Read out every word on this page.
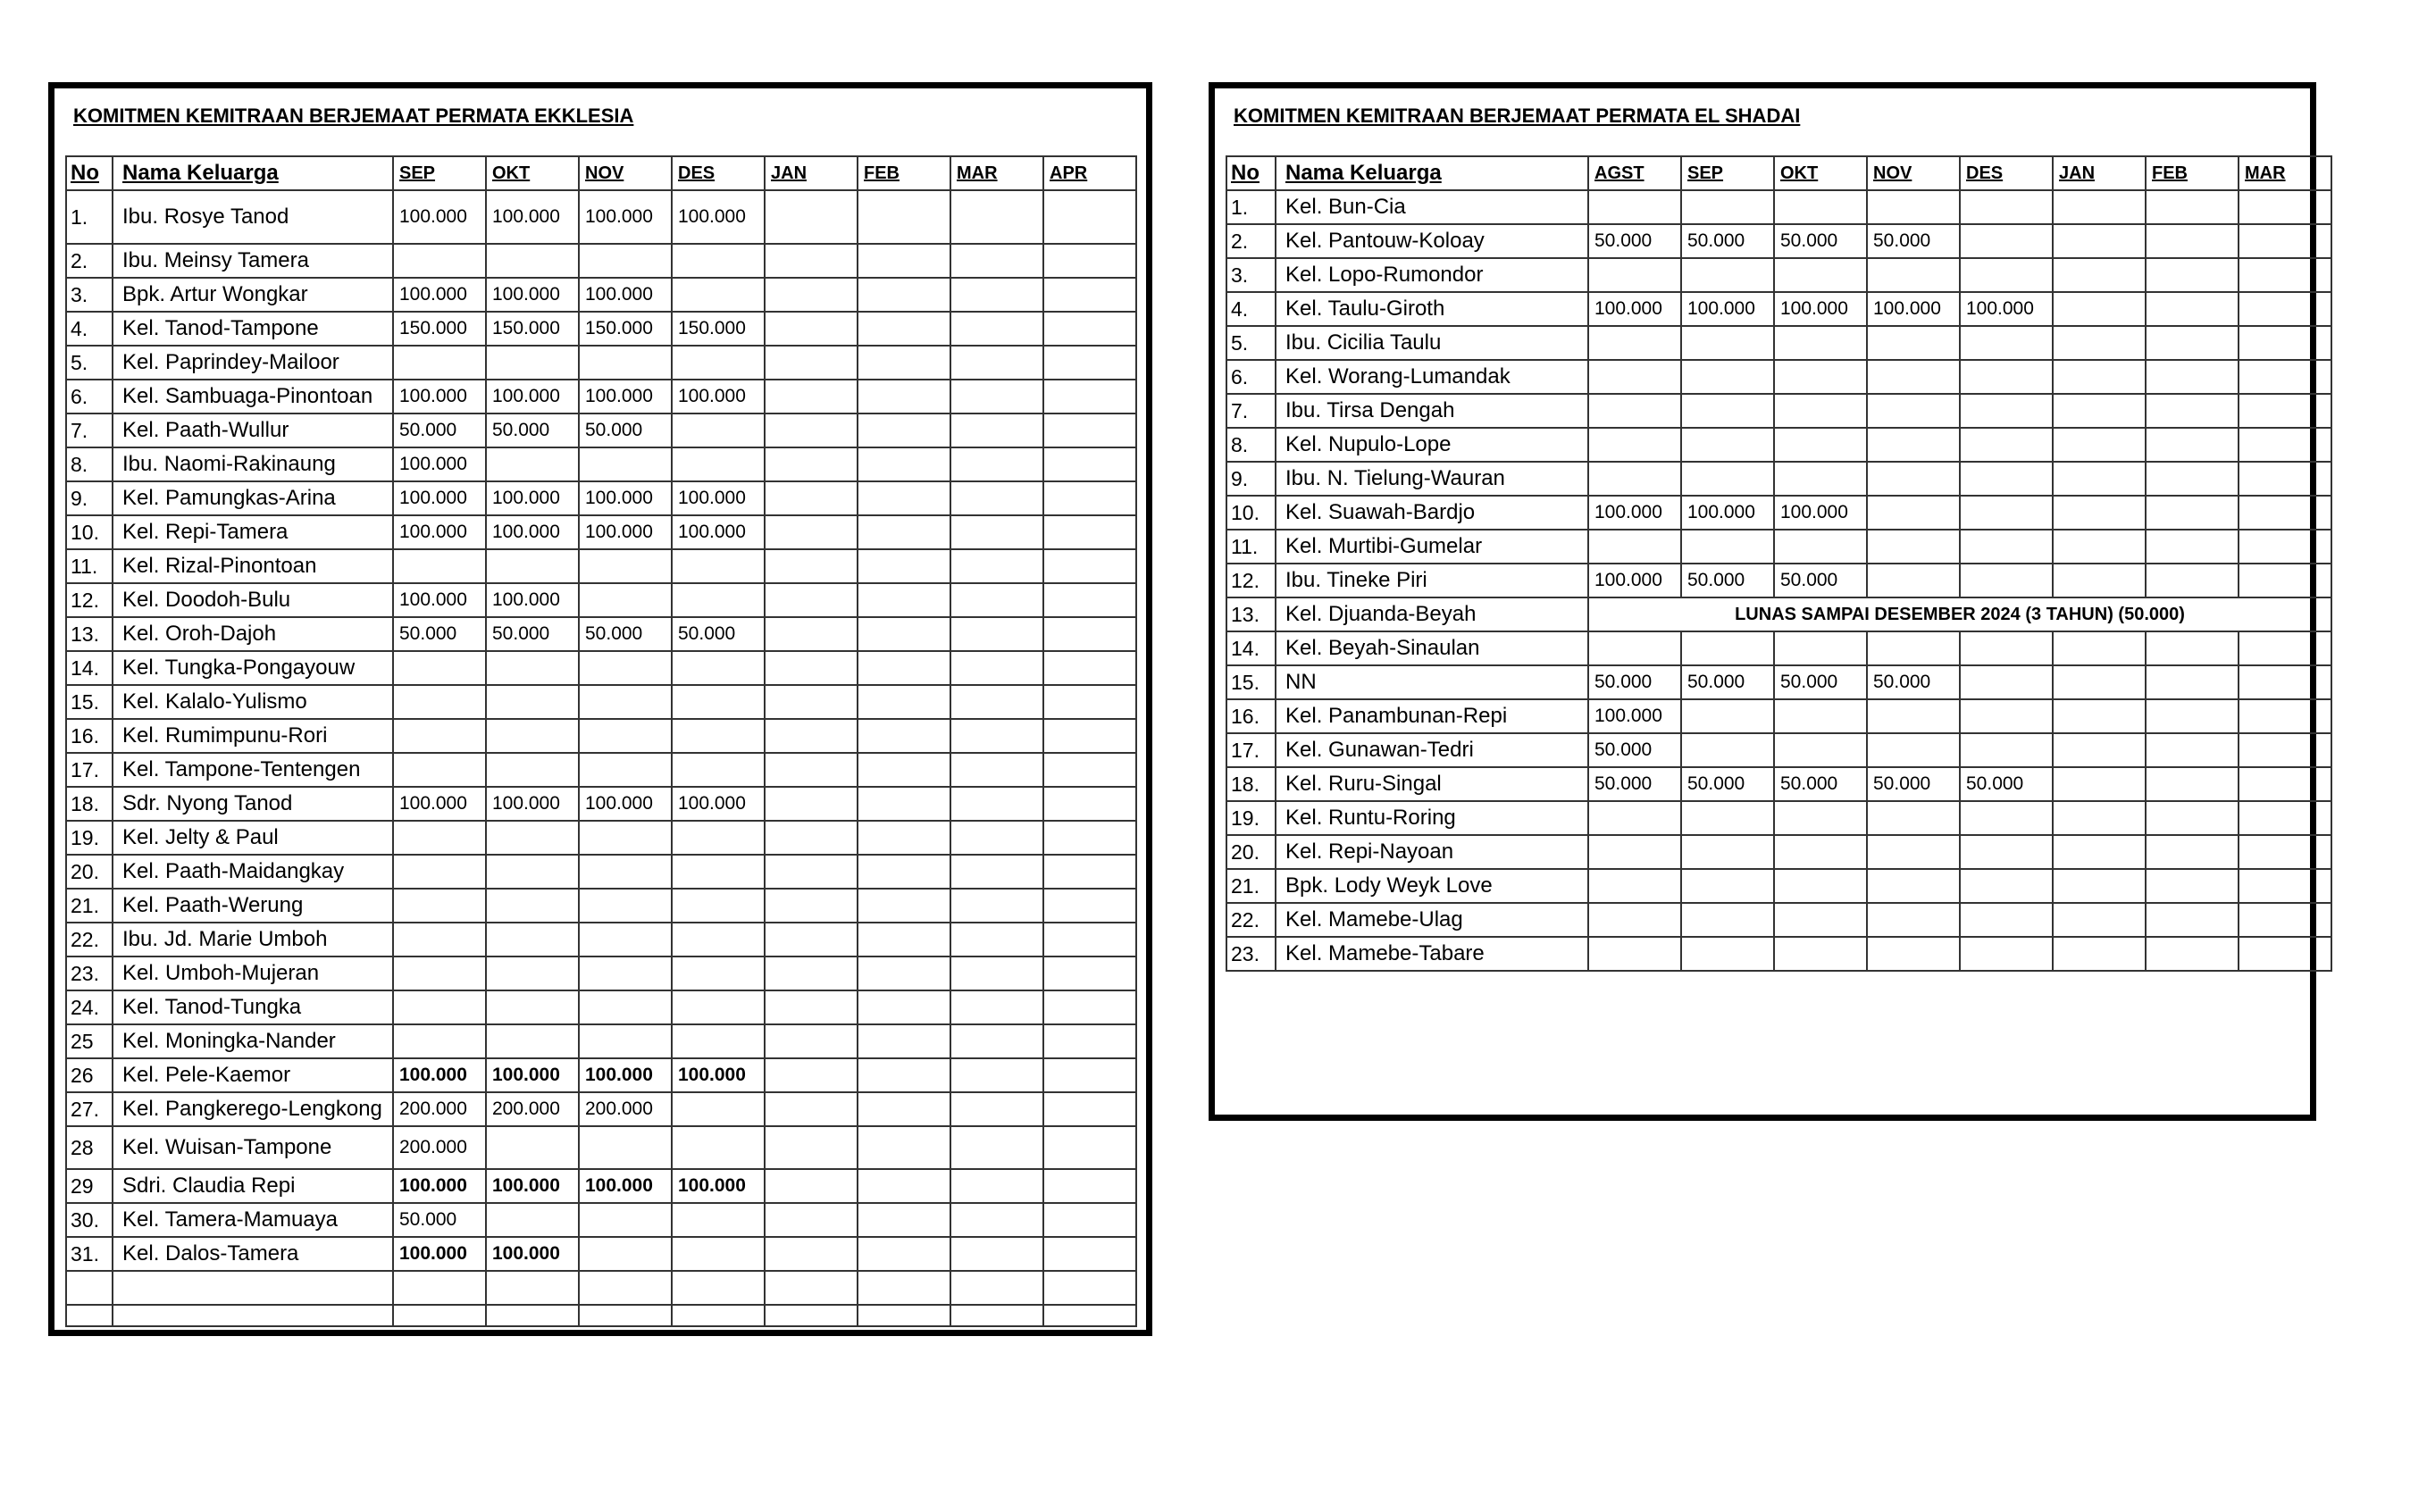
KOMITMEN KEMITRAAN BERJEMAAT PERMATA EKKLESIA
No	Nama Keluarga	SEP	OKT	NOV	DES	JAN	FEB	MAR	APR
1.	Ibu. Rosye Tanod	100.000	100.000	100.000	100.000				
2.	Ibu. Meinsy Tamera								
3.	Bpk. Artur Wongkar	100.000	100.000	100.000					
4.	Kel. Tanod-Tampone	150.000	150.000	150.000	150.000				
5.	Kel. Paprindey-Mailoor								
6.	Kel. Sambuaga-Pinontoan	100.000	100.000	100.000	100.000				
7.	Kel. Paath-Wullur	50.000	50.000	50.000					
8.	Ibu. Naomi-Rakinaung	100.000							
9.	Kel. Pamungkas-Arina	100.000	100.000	100.000	100.000				
10.	Kel. Repi-Tamera	100.000	100.000	100.000	100.000				
11.	Kel. Rizal-Pinontoan								
12.	Kel. Doodoh-Bulu	100.000	100.000						
13.	Kel. Oroh-Dajoh	50.000	50.000	50.000	50.000				
14.	Kel. Tungka-Pongayouw								
15.	Kel. Kalalo-Yulismo								
16.	Kel. Rumimpunu-Rori								
17.	Kel. Tampone-Tentengen								
18.	Sdr. Nyong Tanod	100.000	100.000	100.000	100.000				
19.	Kel. Jelty & Paul								
20.	Kel. Paath-Maidangkay								
21.	Kel. Paath-Werung								
22.	Ibu. Jd. Marie Umboh								
23.	Kel. Umboh-Mujeran								
24.	Kel. Tanod-Tungka								
25	Kel. Moningka-Nander								
26	Kel. Pele-Kaemor	100.000	100.000	100.000	100.000				
27.	Kel. Pangkerego-Lengkong	200.000	200.000	200.000					
28	Kel. Wuisan-Tampone	200.000							
29	Sdri. Claudia Repi	100.000	100.000	100.000	100.000				
30.	Kel. Tamera-Mamuaya	50.000							
31.	Kel. Dalos-Tamera	100.000	100.000						

KOMITMEN KEMITRAAN BERJEMAAT PERMATA EL SHADAI
No	Nama Keluarga	AGST	SEP	OKT	NOV	DES	JAN	FEB	MAR
1.	Kel. Bun-Cia								
2.	Kel. Pantouw-Koloay	50.000	50.000	50.000	50.000				
3.	Kel. Lopo-Rumondor								
4.	Kel. Taulu-Giroth	100.000	100.000	100.000	100.000	100.000			
5.	Ibu. Cicilia Taulu								
6.	Kel. Worang-Lumandak								
7.	Ibu. Tirsa Dengah								
8.	Kel. Nupulo-Lope								
9.	Ibu. N. Tielung-Wauran								
10.	Kel. Suawah-Bardjo	100.000	100.000	100.000					
11.	Kel. Murtibi-Gumelar								
12.	Ibu. Tineke Piri	100.000	50.000	50.000					
13.	Kel. Djuanda-Beyah	LUNAS SAMPAI DESEMBER 2024 (3 TAHUN) (50.000)							
14.	Kel. Beyah-Sinaulan								
15.	NN	50.000	50.000	50.000	50.000				
16.	Kel. Panambunan-Repi	100.000							
17.	Kel. Gunawan-Tedri	50.000							
18.	Kel. Ruru-Singal	50.000	50.000	50.000	50.000	50.000			
19.	Kel. Runtu-Roring								
20.	Kel. Repi-Nayoan								
21.	Bpk. Lody Weyk Love								
22.	Kel. Mamebe-Ulag								
23.	Kel. Mamebe-Tabare								
